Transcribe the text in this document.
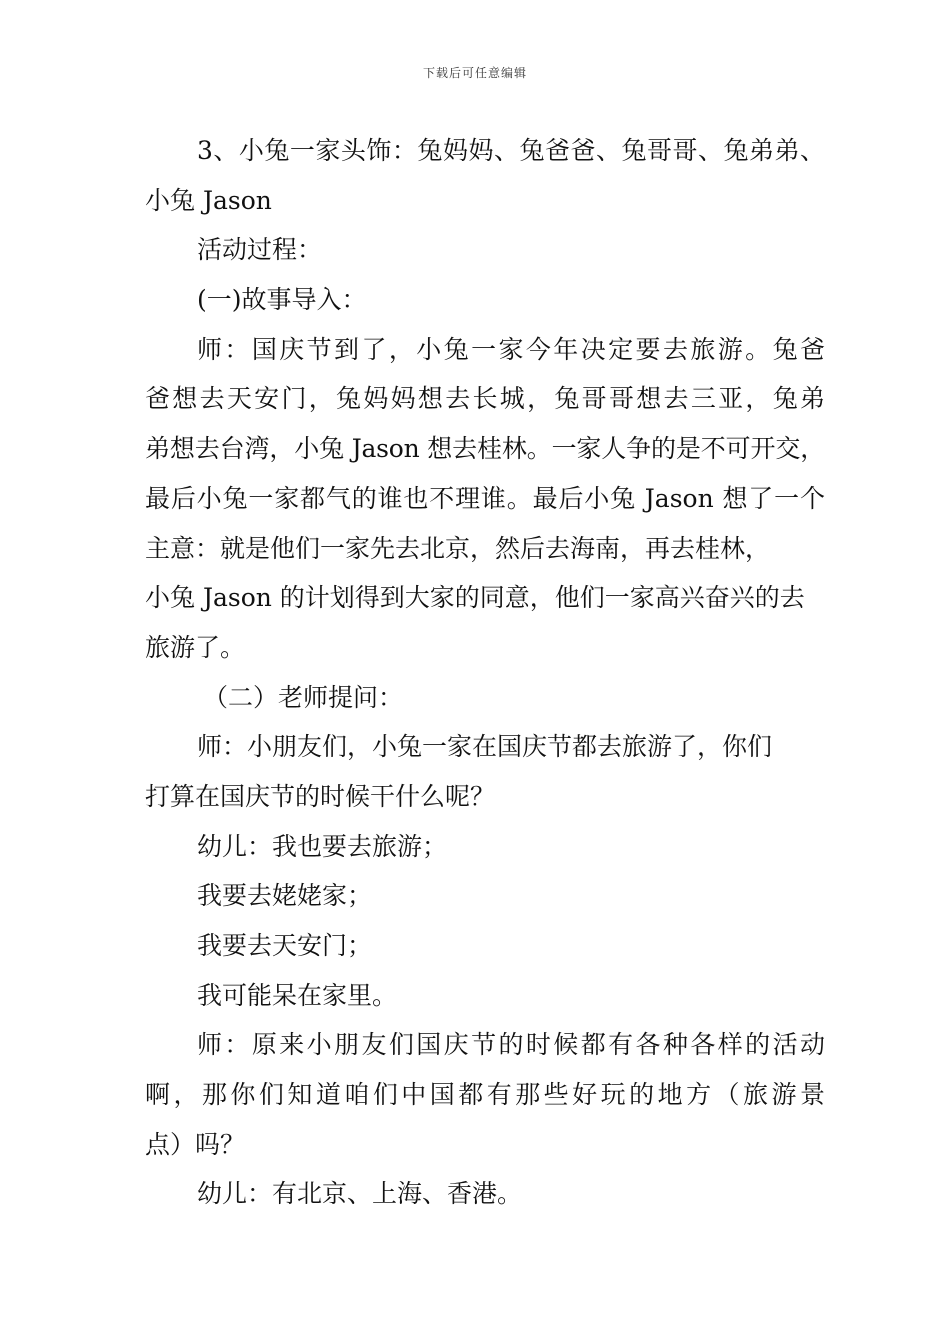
下载后可任意编辑

3、小兔一家头饰：兔妈妈、兔爸爸、兔哥哥、兔弟弟、

小兔 Jason

活动过程：

(一)故事导入：

师：国庆节到了，小兔一家今年决定要去旅游。兔爸

爸想去天安门，兔妈妈想去长城，兔哥哥想去三亚，兔弟

弟想去台湾，小兔 Jason 想去桂林。一家人争的是不可开交，

最后小兔一家都气的谁也不理谁。最后小兔 Jason 想了一个

主意：就是他们一家先去北京，然后去海南，再去桂林，

小兔 Jason 的计划得到大家的同意，他们一家高兴奋兴的去

旅游了。

（二）老师提问：

师：小朋友们，小兔一家在国庆节都去旅游了，你们

打算在国庆节的时候干什么呢？

幼儿：我也要去旅游；

我要去姥姥家；

我要去天安门；

我可能呆在家里。

师：原来小朋友们国庆节的时候都有各种各样的活动

啊，那你们知道咱们中国都有那些好玩的地方（旅游景

点）吗？

幼儿：有北京、上海、香港。
